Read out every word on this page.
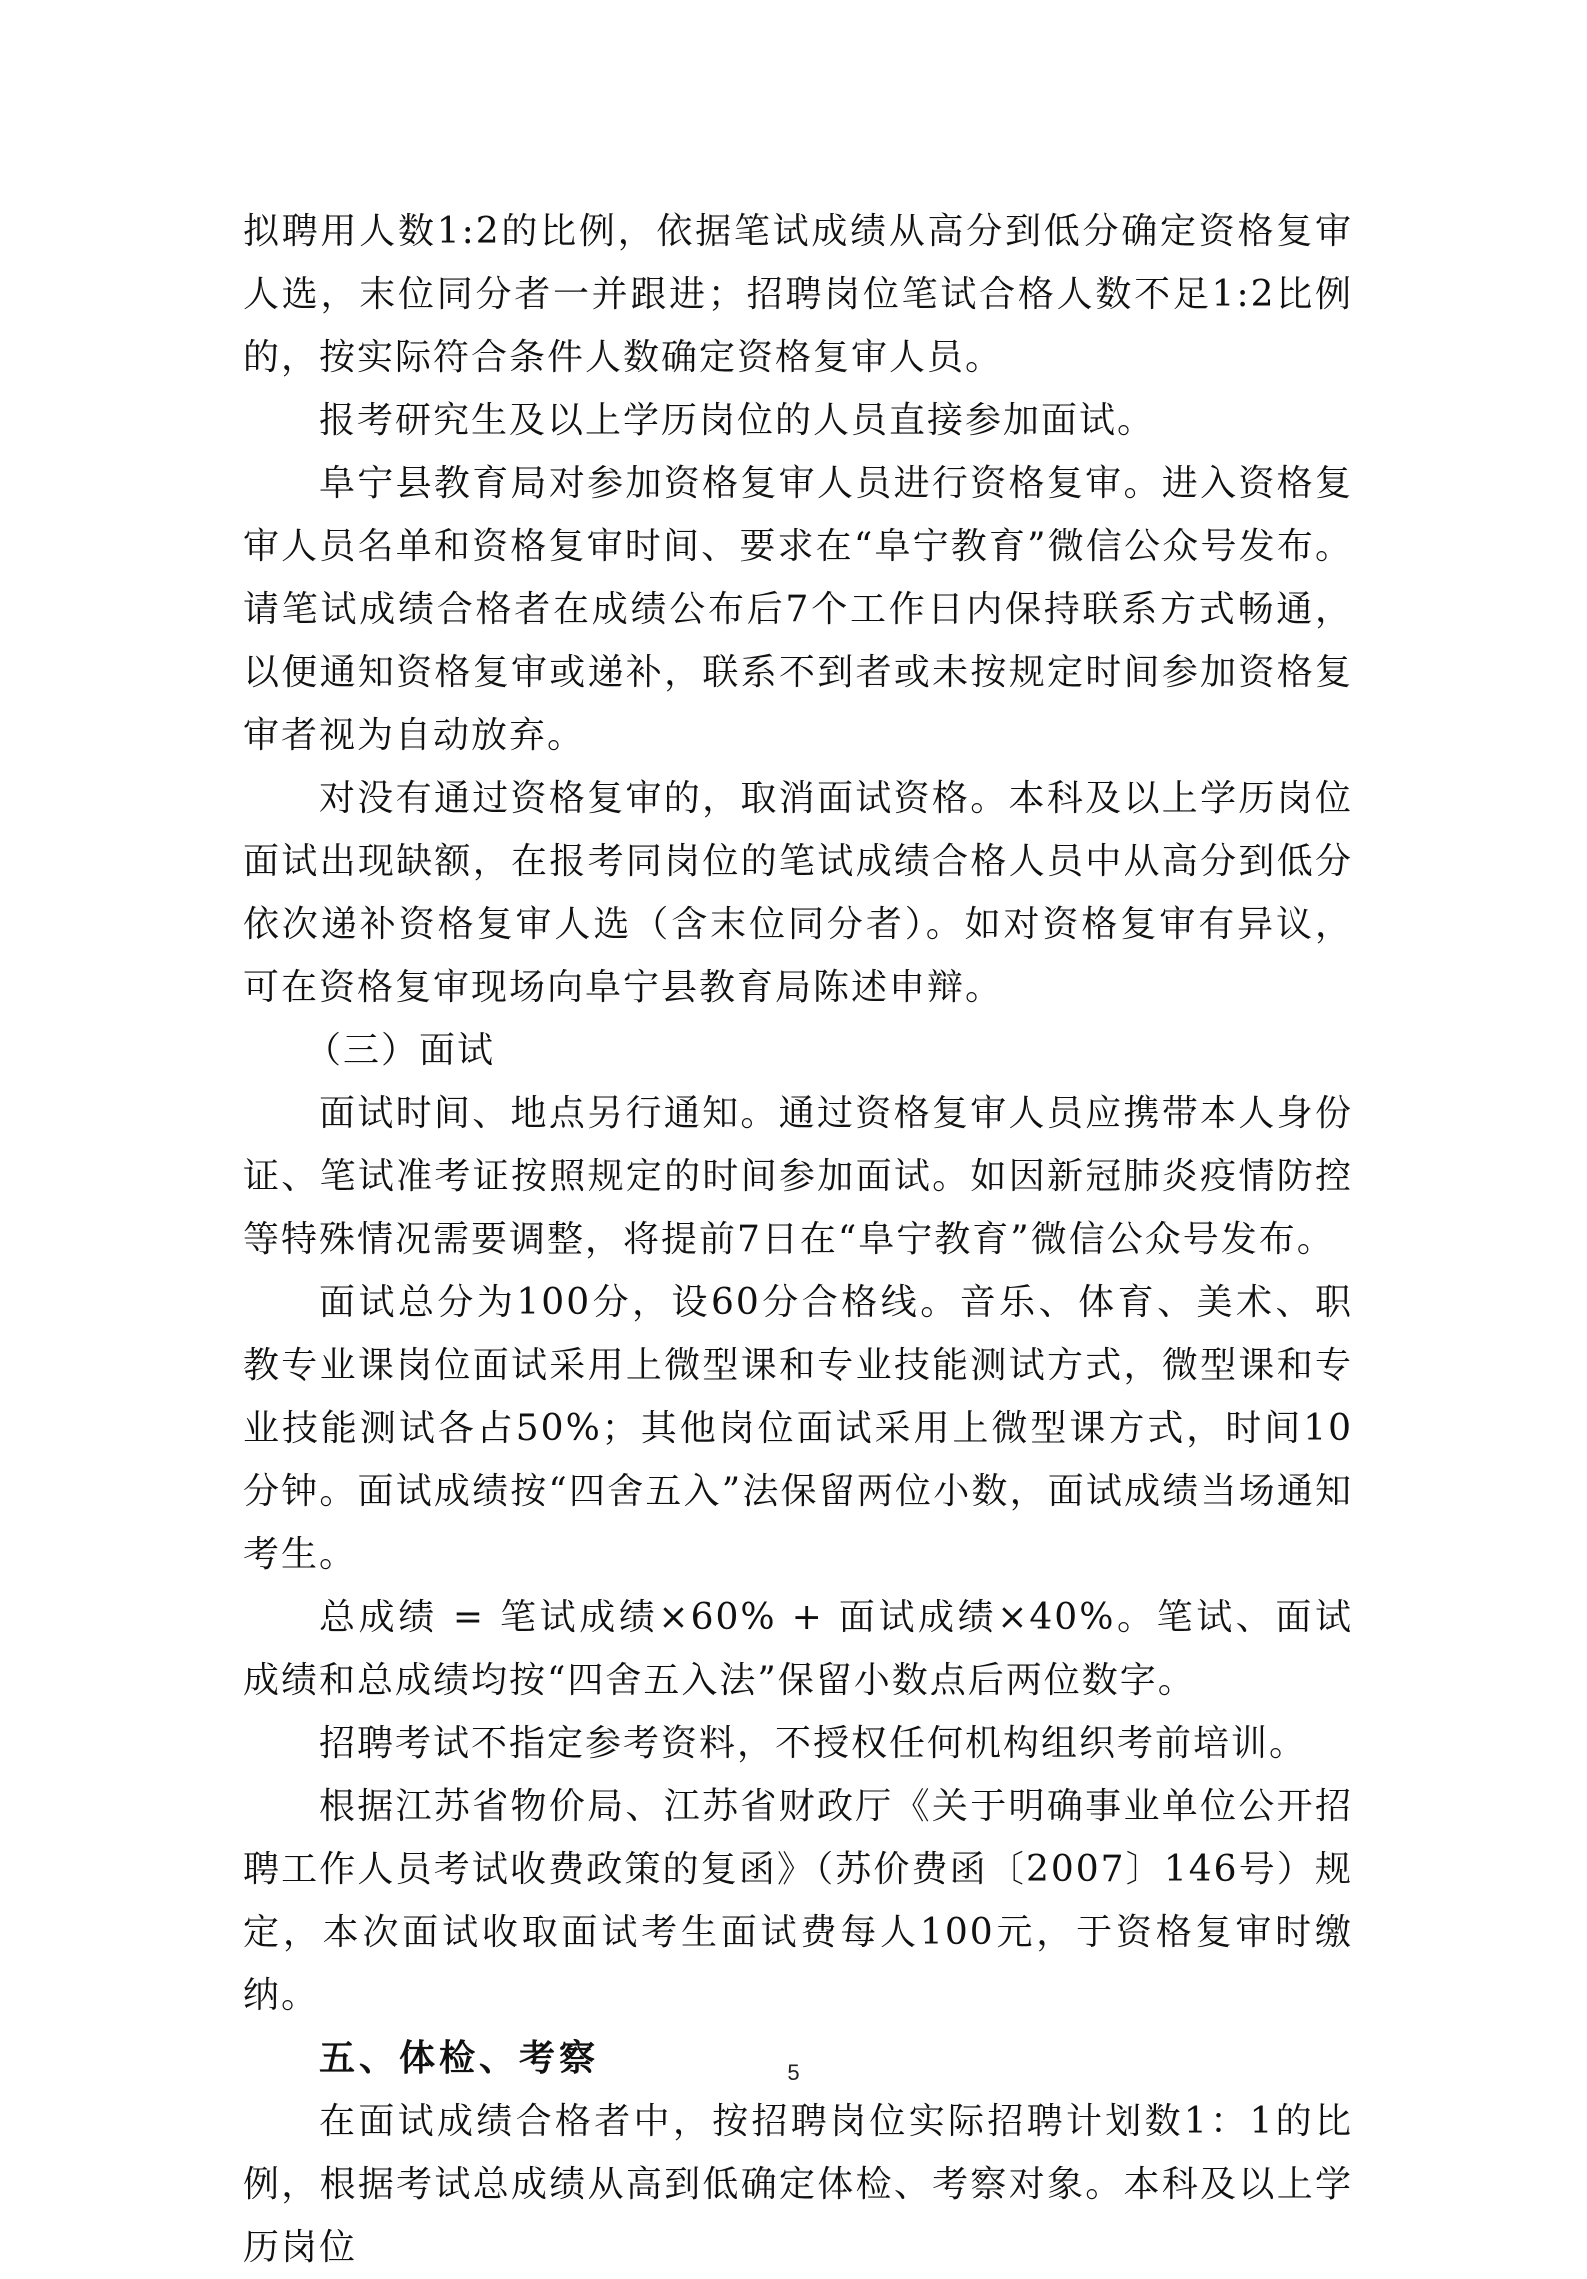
拟聘用人数1:2的比例，依据笔试成绩从高分到低分确定资格复审人选，末位同分者一并跟进；招聘岗位笔试合格人数不足1:2比例的，按实际符合条件人数确定资格复审人员。

报考研究生及以上学历岗位的人员直接参加面试。

阜宁县教育局对参加资格复审人员进行资格复审。进入资格复审人员名单和资格复审时间、要求在“阜宁教育”微信公众号发布。请笔试成绩合格者在成绩公布后7个工作日内保持联系方式畅通，以便通知资格复审或递补，联系不到者或未按规定时间参加资格复审者视为自动放弃。

对没有通过资格复审的，取消面试资格。本科及以上学历岗位面试出现缺额，在报考同岗位的笔试成绩合格人员中从高分到低分依次递补资格复审人选（含末位同分者）。如对资格复审有异议，可在资格复审现场向阜宁县教育局陈述申辩。

（三）面试

面试时间、地点另行通知。通过资格复审人员应携带本人身份证、笔试准考证按照规定的时间参加面试。如因新冠肺炎疫情防控等特殊情况需要调整，将提前7日在“阜宁教育”微信公众号发布。

面试总分为100分，设60分合格线。音乐、体育、美术、职教专业课岗位面试采用上微型课和专业技能测试方式，微型课和专业技能测试各占50%；其他岗位面试采用上微型课方式，时间10分钟。面试成绩按“四舍五入”法保留两位小数，面试成绩当场通知考生。

总成绩 = 笔试成绩×60% + 面试成绩×40%。笔试、面试成绩和总成绩均按“四舍五入法”保留小数点后两位数字。

招聘考试不指定参考资料，不授权任何机构组织考前培训。

根据江苏省物价局、江苏省财政厅《关于明确事业单位公开招聘工作人员考试收费政策的复函》（苏价费函〔2007〕146号）规定，本次面试收取面试考生面试费每人100元，于资格复审时缴纳。

五、体检、考察

在面试成绩合格者中，按招聘岗位实际招聘计划数1：1的比例，根据考试总成绩从高到低确定体检、考察对象。本科及以上学历岗位

5
